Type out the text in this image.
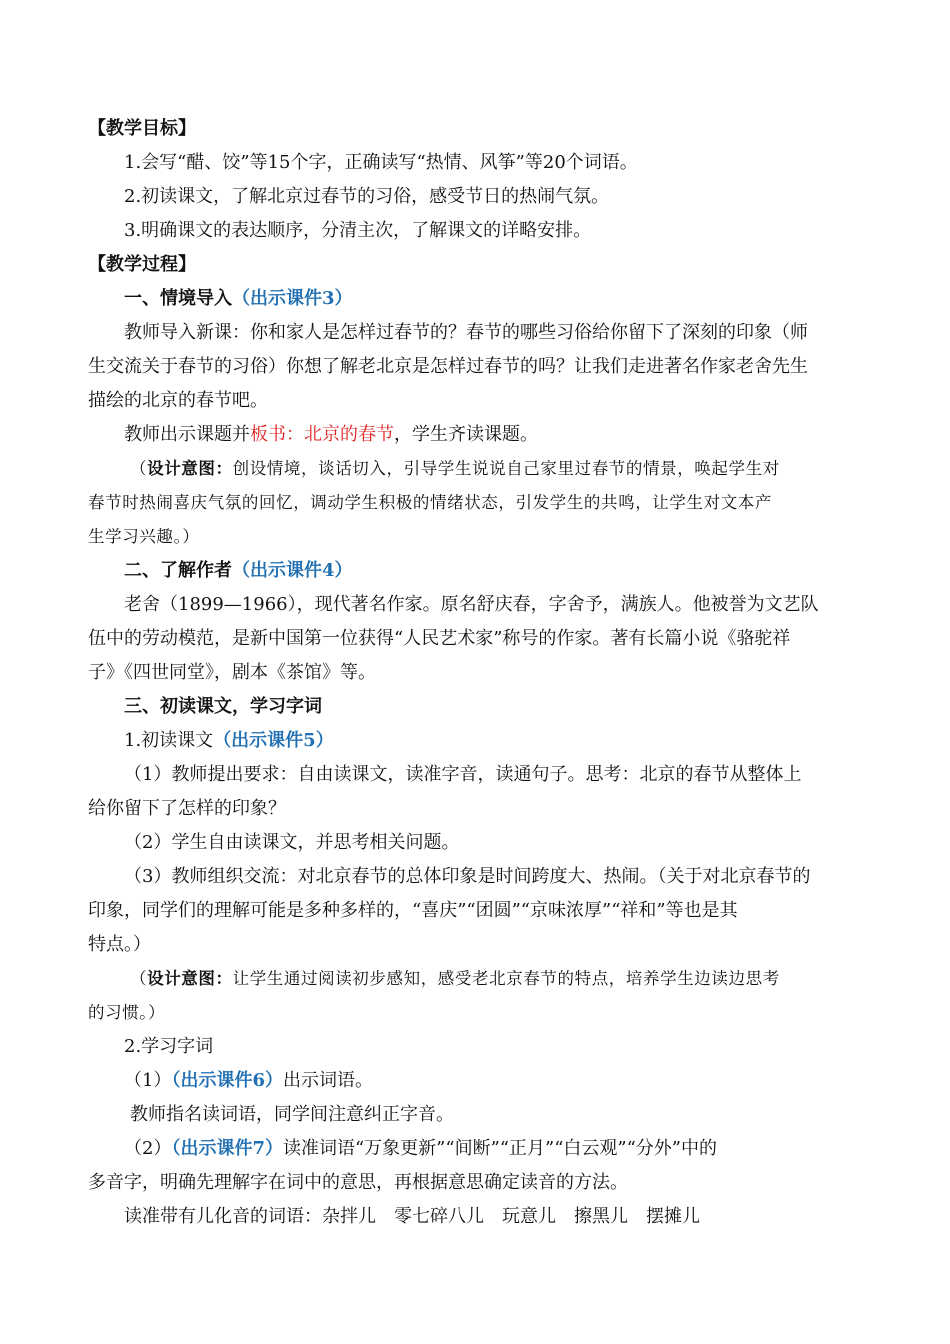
【教学目标】

1.会写“醋、饺”等15个字，正确读写“热情、风筝”等20个词语。

2.初读课文，了解北京过春节的习俗，感受节日的热闹气氛。

3.明确课文的表达顺序，分清主次，了解课文的详略安排。

【教学过程】

一、情境导入（出示课件3）

教师导入新课：你和家人是怎样过春节的？春节的哪些习俗给你留下了深刻的印象（师

生交流关于春节的习俗）你想了解老北京是怎样过春节的吗？让我们走进著名作家老舍先生

描绘的北京的春节吧。

教师出示课题并板书：北京的春节，学生齐读课题。

（设计意图：创设情境，谈话切入，引导学生说说自己家里过春节的情景，唤起学生对

春节时热闹喜庆气氛的回忆，调动学生积极的情绪状态，引发学生的共鸣，让学生对文本产

生学习兴趣。）

二、了解作者（出示课件4）

老舍（1899—1966），现代著名作家。原名舒庆春，字舍予，满族人。他被誉为文艺队

伍中的劳动模范，是新中国第一位获得“人民艺术家”称号的作家。著有长篇小说《骆驼祥

子》《四世同堂》，剧本《茶馆》等。

三、初读课文，学习字词

1.初读课文（出示课件5）

（1）教师提出要求：自由读课文，读准字音，读通句子。思考：北京的春节从整体上

给你留下了怎样的印象？

（2）学生自由读课文，并思考相关问题。

（3）教师组织交流：对北京春节的总体印象是时间跨度大、热闹。（关于对北京春节的

印象，同学们的理解可能是多种多样的，“喜庆”“团圆”“京味浓厚”“祥和”等也是其

特点。）

（设计意图：让学生通过阅读初步感知，感受老北京春节的特点，培养学生边读边思考

的习惯。）

2.学习字词

（1）（出示课件6）出示词语。

教师指名读词语，同学间注意纠正字音。

（2）（出示课件7）读准词语“万象更新”“间断”“正月”“白云观”“分外”中的

多音字，明确先理解字在词中的意思，再根据意思确定读音的方法。

读准带有儿化音的词语：杂拌儿　零七碎八儿　玩意儿　擦黑儿　摆摊儿
